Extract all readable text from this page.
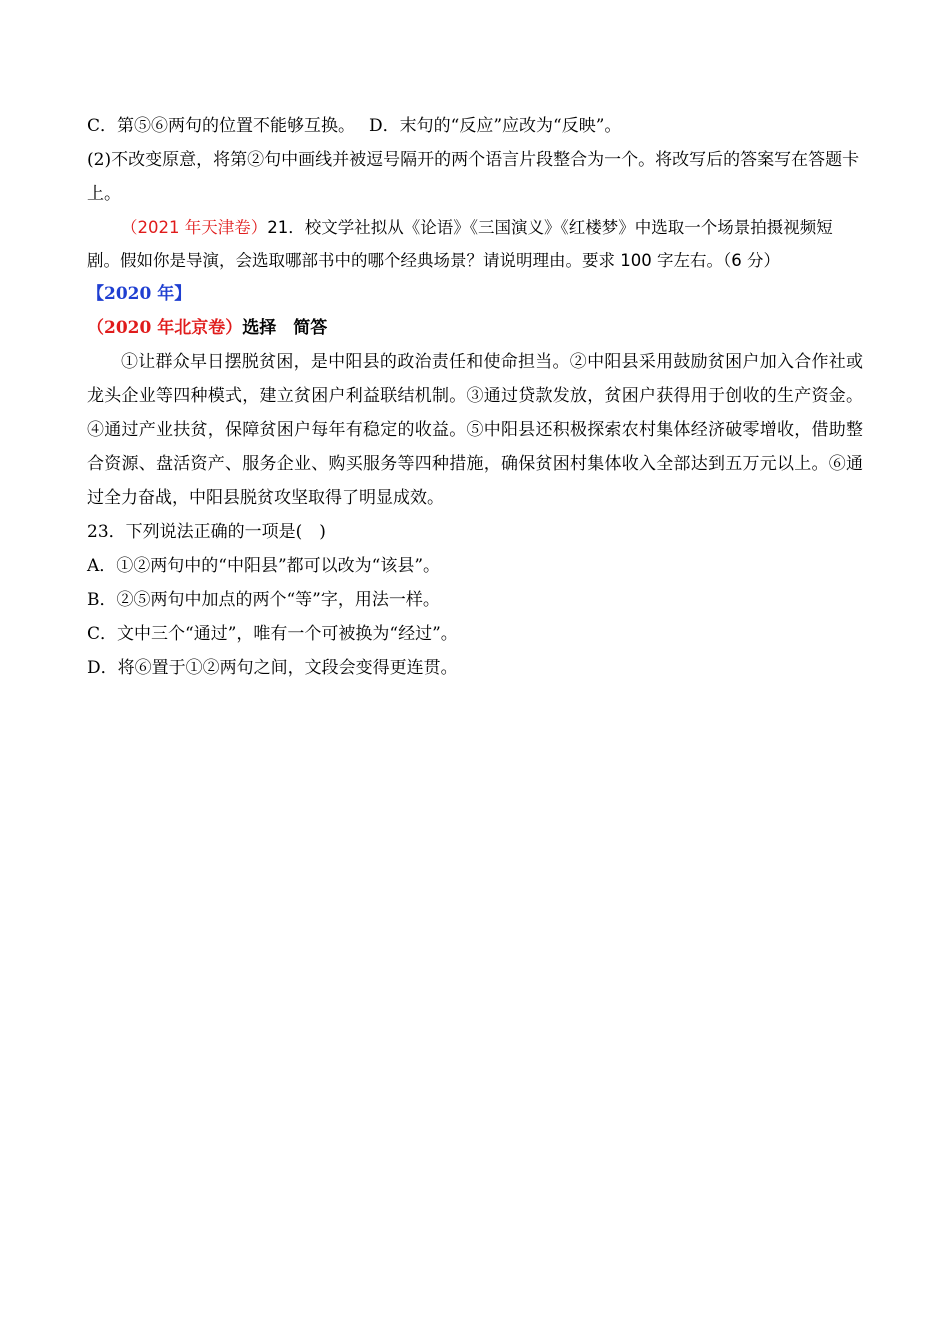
C．第⑤⑥两句的位置不能够互换。 D．末句的“反应”应改为“反映”。

(2)不改变原意，将第②句中画线并被逗号隔开的两个语言片段整合为一个。将改写后的答案写在答题卡上。

（2021 年天津卷）21．校文学社拟从《论语》《三国演义》《红楼梦》中选取一个场景拍摄视频短剧。假如你是导演，会选取哪部书中的哪个经典场景？请说明理由。要求 100 字左右。（6 分）

【2020 年】

（2020 年北京卷）选择　简答

①让群众早日摆脱贫困，是中阳县的政治责任和使命担当。②中阳县采用鼓励贫困户加入合作社或龙头企业等四种模式，建立贫困户利益联结机制。③通过贷款发放，贫困户获得用于创收的生产资金。④通过产业扶贫，保障贫困户每年有稳定的收益。⑤中阳县还积极探索农村集体经济破零增收，借助整合资源、盘活资产、服务企业、购买服务等四种措施，确保贫困村集体收入全部达到五万元以上。⑥通过全力奋战，中阳县脱贫攻坚取得了明显成效。

23．下列说法正确的一项是(　)

A．①②两句中的“中阳县”都可以改为“该县”。

B．②⑤两句中加点的两个“等”字，用法一样。

C．文中三个“通过”，唯有一个可被换为“经过”。

D．将⑥置于①②两句之间，文段会变得更连贯。
